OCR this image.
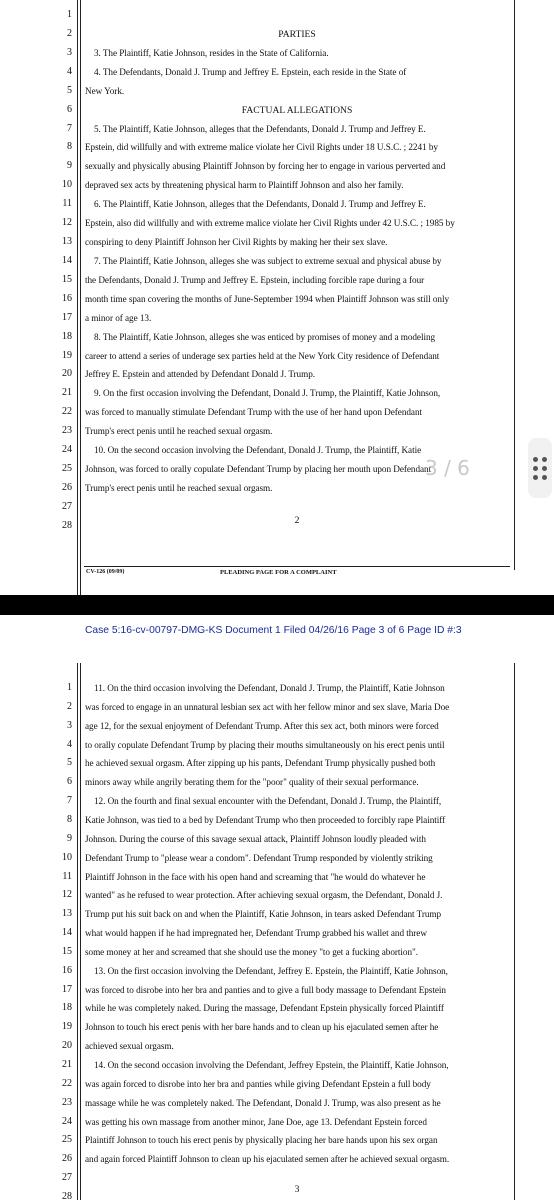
1
2	PARTIES
3 3. The Plaintiff, Katie Johnson, resides in the State of California.
4 4. The Defendants, Donald J. Trump and Jeffrey E. Epstein, each reside in the State of
5 New York.
6	FACTUAL ALLEGATIONS
7 5. The Plaintiff, Katie Johnson, alleges that the Defendants, Donald J. Trump and Jeffrey E.
8 Epstein, did willfully and with extreme malice violate her Civil Rights under 18 U.S.C. ; 2241 by
9 sexually and physically abusing Plaintiff Johnson by forcing her to engage in various perverted and
10 depraved sex acts by threatening physical harm to Plaintiff Johnson and also her family.
11 6. The Plaintiff, Katie Johnson, alleges that the Defendants, Donald J. Trump and Jeffrey E.
12 Epstein, also did willfully and with extreme malice violate her Civil Rights under 42 U.S.C. ; 1985 by
13 conspiring to deny Plaintiff Johnson her Civil Rights by making her their sex slave.
14 7. The Plaintiff, Katie Johnson, alleges she was subject to extreme sexual and physical abuse by
15 the Defendants, Donald J. Trump and Jeffrey E. Epstein, including forcible rape during a four
16 month time span covering the months of June-September 1994 when Plaintiff Johnson was still only
17 a minor of age 13.
18 8. The Plaintiff, Katie Johnson, alleges she was enticed by promises of money and a modeling
19 career to attend a series of underage sex parties held at the New York City residence of Defendant
20 Jeffrey E. Epstein and attended by Defendant Donald J. Trump.
21 9. On the first occasion involving the Defendant, Donald J. Trump, the Plaintiff, Katie Johnson,
22 was forced to manually stimulate Defendant Trump with the use of her hand upon Defendant
23 Trump's erect penis until he reached sexual orgasm.
24 10. On the second occasion involving the Defendant, Donald J. Trump, the Plaintiff, Katie
25 Johnson, was forced to orally copulate Defendant Trump by placing her mouth upon Defendant
26 Trump's erect penis until he reached sexual orgasm.
27
28	2
CV-126 (09/09)	PLEADING PAGE FOR A COMPLAINT
3 / 6
Case 5:16-cv-00797-DMG-KS Document 1 Filed 04/26/16 Page 3 of 6 Page ID #:3
1 11. On the third occasion involving the Defendant, Donald J. Trump, the Plaintiff, Katie Johnson
2 was forced to engage in an unnatural lesbian sex act with her fellow minor and sex slave, Maria Doe
3 age 12, for the sexual enjoyment of Defendant Trump. After this sex act, both minors were forced
4 to orally copulate Defendant Trump by placing their mouths simultaneously on his erect penis until
5 he achieved sexual orgasm. After zipping up his pants, Defendant Trump physically pushed both
6 minors away while angrily berating them for the "poor" quality of their sexual performance.
7 12. On the fourth and final sexual encounter with the Defendant, Donald J. Trump, the Plaintiff,
8 Katie Johnson, was tied to a bed by Defendant Trump who then proceeded to forcibly rape Plaintiff
9 Johnson. During the course of this savage sexual attack, Plaintiff Johnson loudly pleaded with
10 Defendant Trump to "please wear a condom". Defendant Trump responded by violently striking
11 Plaintiff Johnson in the face with his open hand and screaming that "he would do whatever he
12 wanted" as he refused to wear protection. After achieving sexual orgasm, the Defendant, Donald J.
13 Trump put his suit back on and when the Plaintiff, Katie Johnson, in tears asked Defendant Trump
14 what would happen if he had impregnated her, Defendant Trump grabbed his wallet and threw
15 some money at her and screamed that she should use the money "to get a fucking abortion".
16 13. On the first occasion involving the Defendant, Jeffrey E. Epstein, the Plaintiff, Katie Johnson,
17 was forced to disrobe into her bra and panties and to give a full body massage to Defendant Epstein
18 while he was completely naked. During the massage, Defendant Epstein physically forced Plaintiff
19 Johnson to touch his erect penis with her bare hands and to clean up his ejaculated semen after he
20 achieved sexual orgasm.
21 14. On the second occasion involving the Defendant, Jeffrey Epstein, the Plaintiff, Katie Johnson,
22 was again forced to disrobe into her bra and panties while giving Defendant Epstein a full body
23 massage while he was completely naked. The Defendant, Donald J. Trump, was also present as he
24 was getting his own massage from another minor, Jane Doe, age 13. Defendant Epstein forced
25 Plaintiff Johnson to touch his erect penis by physically placing her bare hands upon his sex organ
26 and again forced Plaintiff Johnson to clean up his ejaculated semen after he achieved sexual orgasm.
27
28
3
